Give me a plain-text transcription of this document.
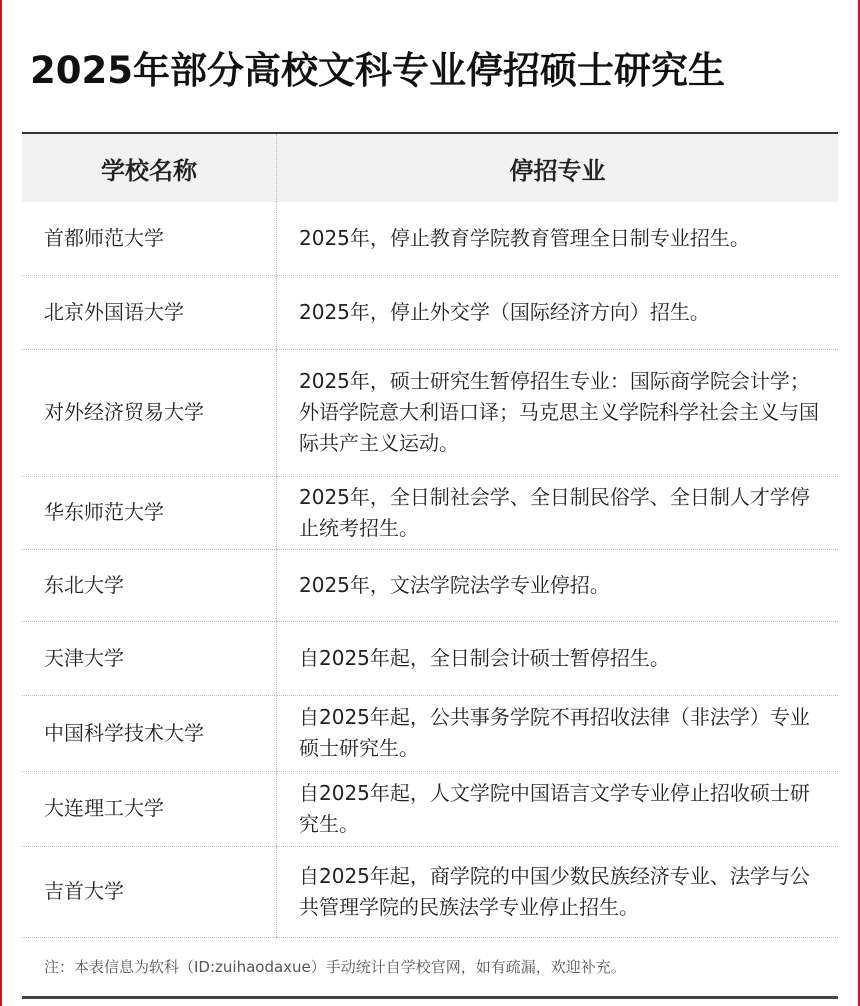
2025年部分高校文科专业停招硕士研究生
学校名称	停招专业
首都师范大学	2025年，停止教育学院教育管理全日制专业招生。
北京外国语大学	2025年，停止外交学（国际经济方向）招生。
对外经济贸易大学	2025年，硕士研究生暂停招生专业：国际商学院会计学；外语学院意大利语口译；马克思主义学院科学社会主义与国际共产主义运动。
华东师范大学	2025年，全日制社会学、全日制民俗学、全日制人才学停止统考招生。
东北大学	2025年，文法学院法学专业停招。
天津大学	自2025年起，全日制会计硕士暂停招生。
中国科学技术大学	自2025年起，公共事务学院不再招收法律（非法学）专业硕士研究生。
大连理工大学	自2025年起，人文学院中国语言文学专业停止招收硕士研究生。
吉首大学	自2025年起，商学院的中国少数民族经济专业、法学与公共管理学院的民族法学专业停止招生。
注：本表信息为软科（ID:zuihaodaxue）手动统计自学校官网，如有疏漏，欢迎补充。
